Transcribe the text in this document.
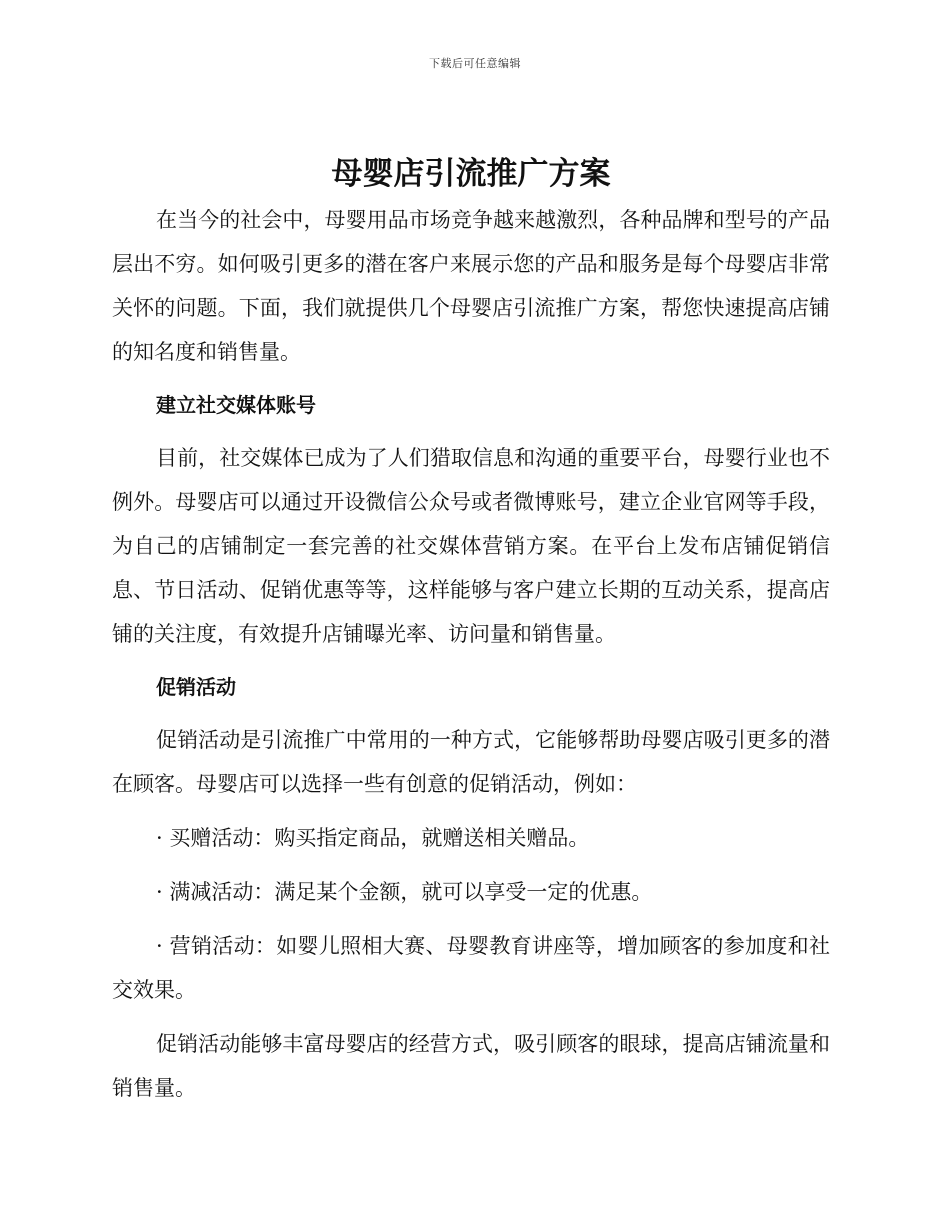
下载后可任意编辑
母婴店引流推广方案

在当今的社会中，母婴用品市场竞争越来越激烈，各种品牌和型号的产品层出不穷。如何吸引更多的潜在客户来展示您的产品和服务是每个母婴店非常关怀的问题。下面，我们就提供几个母婴店引流推广方案，帮您快速提高店铺的知名度和销售量。

建立社交媒体账号

目前，社交媒体已成为了人们猎取信息和沟通的重要平台，母婴行业也不例外。母婴店可以通过开设微信公众号或者微博账号，建立企业官网等手段，为自己的店铺制定一套完善的社交媒体营销方案。在平台上发布店铺促销信息、节日活动、促销优惠等等，这样能够与客户建立长期的互动关系，提高店铺的关注度，有效提升店铺曝光率、访问量和销售量。

促销活动

促销活动是引流推广中常用的一种方式，它能够帮助母婴店吸引更多的潜在顾客。母婴店可以选择一些有创意的促销活动，例如：

· 买赠活动：购买指定商品，就赠送相关赠品。

· 满减活动：满足某个金额，就可以享受一定的优惠。

· 营销活动：如婴儿照相大赛、母婴教育讲座等，增加顾客的参加度和社交效果。

促销活动能够丰富母婴店的经营方式，吸引顾客的眼球，提高店铺流量和销售量。
